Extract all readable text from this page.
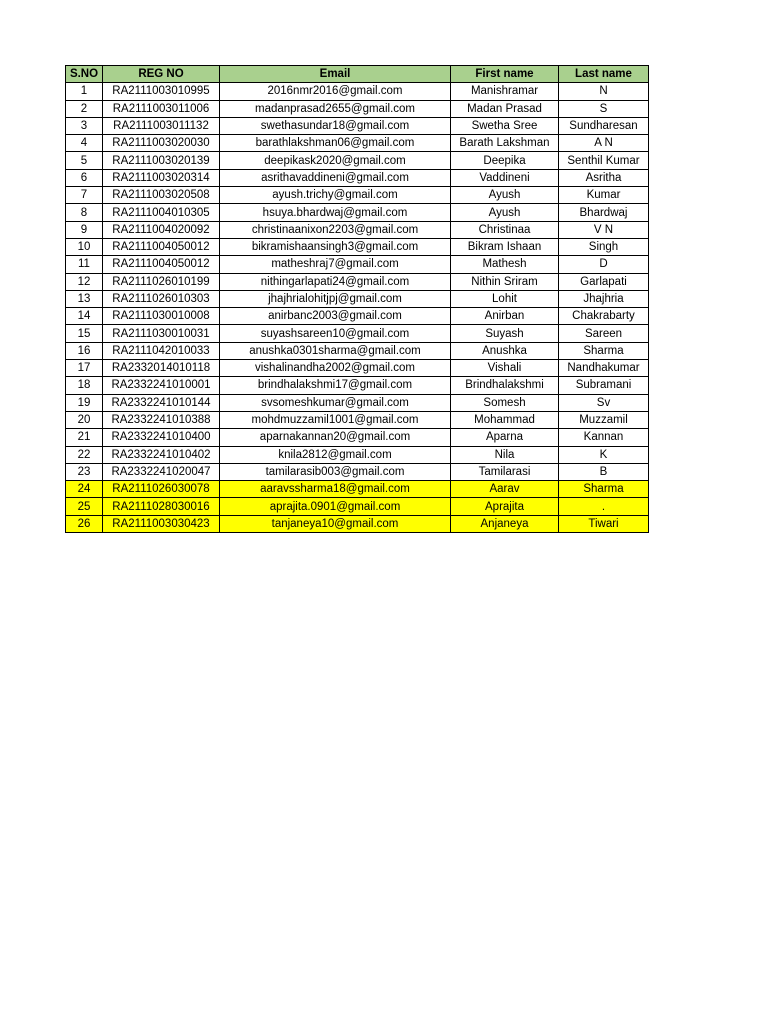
S.NO	REG NO	Email	First name	Last name
1	RA2111003010995	2016nmr2016@gmail.com	Manishramar	N
2	RA2111003011006	madanprasad2655@gmail.com	Madan Prasad	S
3	RA2111003011132	swethasundar18@gmail.com	Swetha Sree	Sundharesan
4	RA2111003020030	barathlakshman06@gmail.com	Barath Lakshman	A N
5	RA2111003020139	deepikask2020@gmail.com	Deepika	Senthil Kumar
6	RA2111003020314	asrithavaddineni@gmail.com	Vaddineni	Asritha
7	RA2111003020508	ayush.trichy@gmail.com	Ayush	Kumar
8	RA2111004010305	hsuya.bhardwaj@gmail.com	Ayush	Bhardwaj
9	RA2111004020092	christinaanixon2203@gmail.com	Christinaa	V N
10	RA2111004050012	bikramishaansingh3@gmail.com	Bikram Ishaan	Singh
11	RA2111004050012	matheshraj7@gmail.com	Mathesh	D
12	RA2111026010199	nithingarlapati24@gmail.com	Nithin Sriram	Garlapati
13	RA2111026010303	jhajhrialohitjpj@gmail.com	Lohit	Jhajhria
14	RA2111030010008	anirbanc2003@gmail.com	Anirban	Chakrabarty
15	RA2111030010031	suyashsareen10@gmail.com	Suyash	Sareen
16	RA2111042010033	anushka0301sharma@gmail.com	Anushka	Sharma
17	RA2332014010118	vishalinandha2002@gmail.com	Vishali	Nandhakumar
18	RA2332241010001	brindhalakshmi17@gmail.com	Brindhalakshmi	Subramani
19	RA2332241010144	svsomeshkumar@gmail.com	Somesh	Sv
20	RA2332241010388	mohdmuzzamil1001@gmail.com	Mohammad	Muzzamil
21	RA2332241010400	aparnakannan20@gmail.com	Aparna	Kannan
22	RA2332241010402	knila2812@gmail.com	Nila	K
23	RA2332241020047	tamilarasib003@gmail.com	Tamilarasi	B
24	RA2111026030078	aaravssharma18@gmail.com	Aarav	Sharma
25	RA2111028030016	aprajita.0901@gmail.com	Aprajita	.
26	RA2111003030423	tanjaneya10@gmail.com	Anjaneya	Tiwari
